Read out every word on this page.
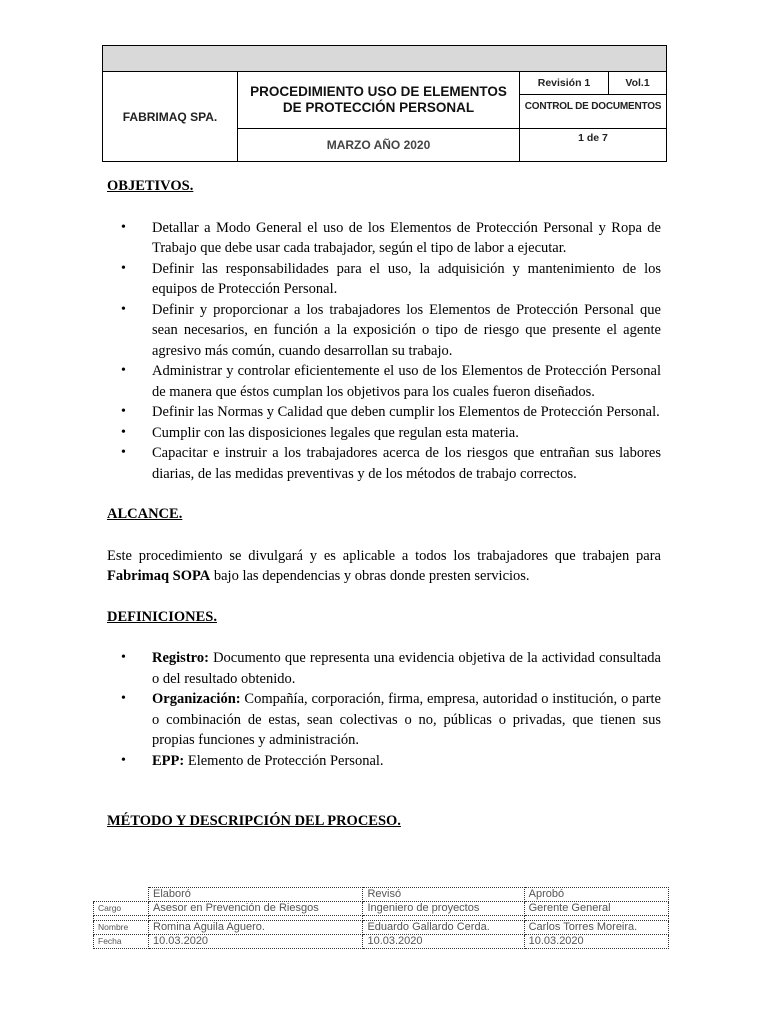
FABRIMAQ SPA.
PROCEDIMIENTO USO DE ELEMENTOS
DE PROTECCIÓN PERSONAL
Revisión 1	Vol.1
CONTROL DE DOCUMENTOS
MARZO AÑO 2020	1 de 7

OBJETIVOS.

• Detallar a Modo General el uso de los Elementos de Protección Personal y Ropa de Trabajo que debe usar cada trabajador, según el tipo de labor a ejecutar.
• Definir las responsabilidades para el uso, la adquisición y mantenimiento de los equipos de Protección Personal.
• Definir y proporcionar a los trabajadores los Elementos de Protección Personal que sean necesarios, en función a la exposición o tipo de riesgo que presente el agente agresivo más común, cuando desarrollan su trabajo.
• Administrar y controlar eficientemente el uso de los Elementos de Protección Personal de manera que éstos cumplan los objetivos para los cuales fueron diseñados.
• Definir las Normas y Calidad que deben cumplir los Elementos de Protección Personal.
• Cumplir con las disposiciones legales que regulan esta materia.
• Capacitar e instruir a los trabajadores acerca de los riesgos que entrañan sus labores diarias, de las medidas preventivas y de los métodos de trabajo correctos.

ALCANCE.

Este procedimiento se divulgará y es aplicable a todos los trabajadores que trabajen para Fabrimaq SOPA bajo las dependencias y obras donde presten servicios.

DEFINICIONES.

• Registro: Documento que representa una evidencia objetiva de la actividad consultada o del resultado obtenido.
• Organización: Compañía, corporación, firma, empresa, autoridad o institución, o parte o combinación de estas, sean colectivas o no, públicas o privadas, que tienen sus propias funciones y administración.
• EPP: Elemento de Protección Personal.

MÉTODO Y DESCRIPCIÓN DEL PROCESO.

	Elaboró	Revisó	Aprobó
Cargo	Asesor en Prevención de Riesgos	Ingeniero de proyectos	Gerente General

Nombre	Romina Aguila Aguero.	Eduardo Gallardo Cerda.	Carlos Torres Moreira.
Fecha	10.03.2020	10.03.2020	10.03.2020
